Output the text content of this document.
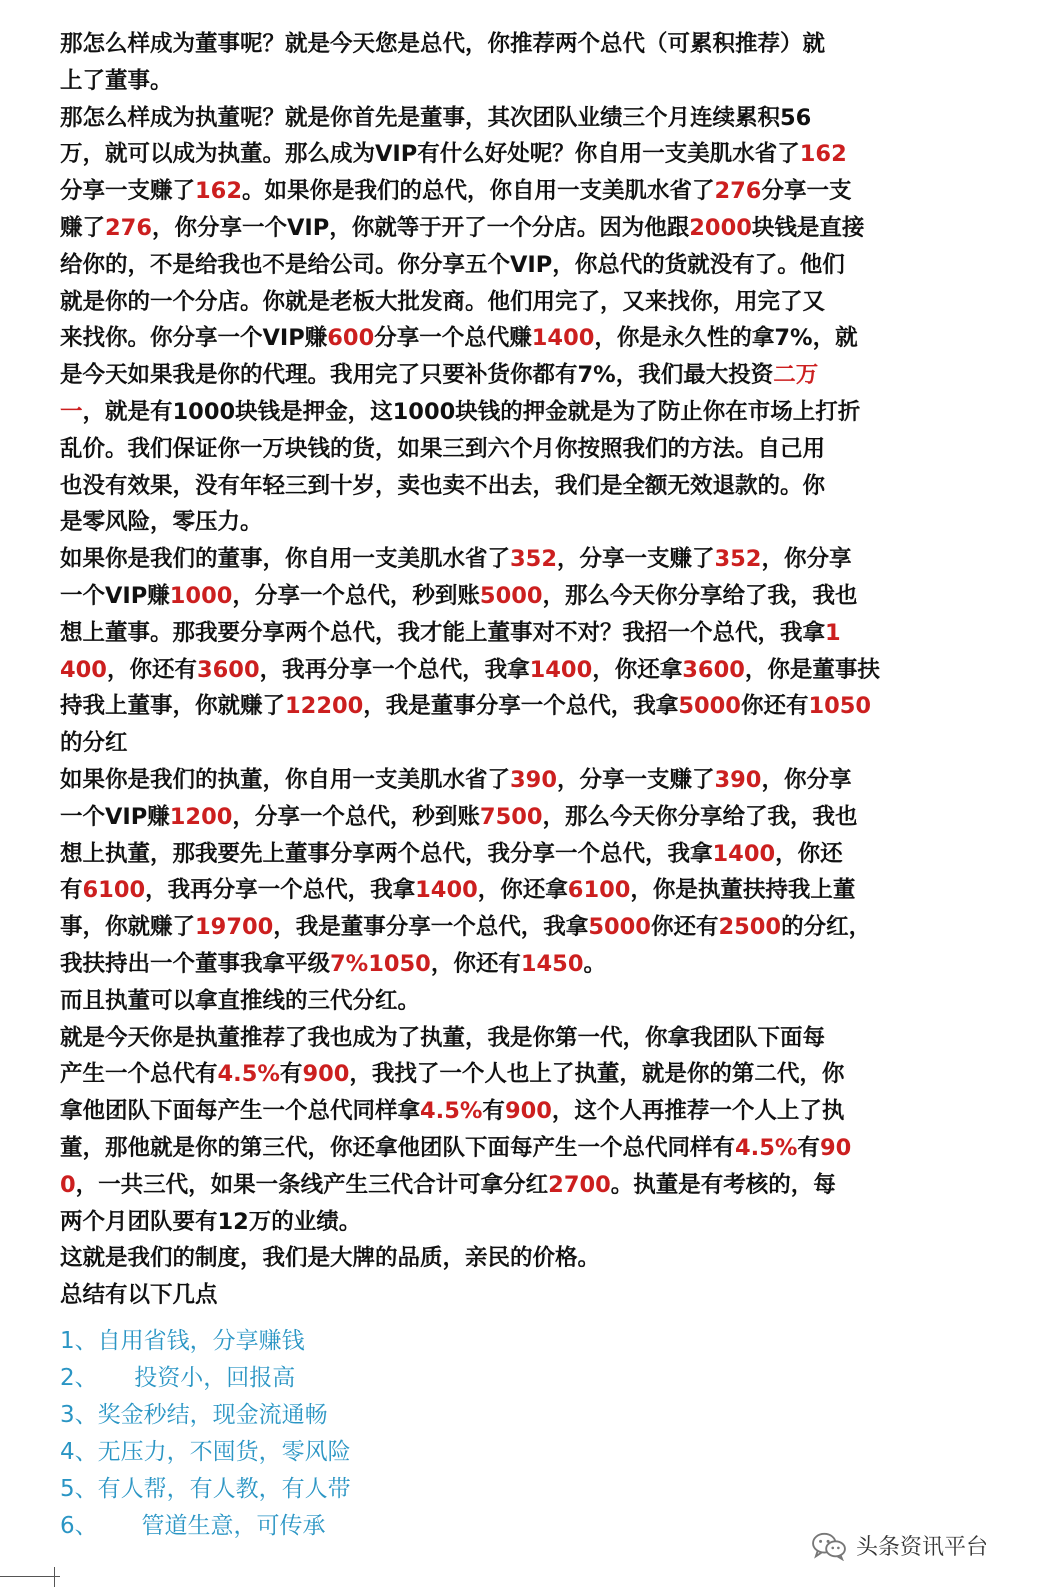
那怎么样成为董事呢？就是今天您是总代，你推荐两个总代（可累积推荐）就
上了董事。
那怎么样成为执董呢？就是你首先是董事，其次团队业绩三个月连续累积56
万，就可以成为执董。那么成为VIP有什么好处呢？你自用一支美肌水省了162
分享一支赚了162。如果你是我们的总代，你自用一支美肌水省了276分享一支
赚了276，你分享一个VIP，你就等于开了一个分店。因为他跟2000块钱是直接
给你的，不是给我也不是给公司。你分享五个VIP，你总代的货就没有了。他们
就是你的一个分店。你就是老板大批发商。他们用完了，又来找你，用完了又
来找你。你分享一个VIP赚600分享一个总代赚1400，你是永久性的拿7%，就
是今天如果我是你的代理。我用完了只要补货你都有7%，我们最大投资二万
一，就是有1000块钱是押金，这1000块钱的押金就是为了防止你在市场上打折
乱价。我们保证你一万块钱的货，如果三到六个月你按照我们的方法。自己用
也没有效果，没有年轻三到十岁，卖也卖不出去，我们是全额无效退款的。你
是零风险，零压力。
如果你是我们的董事，你自用一支美肌水省了352，分享一支赚了352，你分享
一个VIP赚1000，分享一个总代，秒到账5000，那么今天你分享给了我，我也
想上董事。那我要分享两个总代，我才能上董事对不对？我招一个总代，我拿1
400，你还有3600，我再分享一个总代，我拿1400，你还拿3600，你是董事扶
持我上董事，你就赚了12200，我是董事分享一个总代，我拿5000你还有1050
的分红
如果你是我们的执董，你自用一支美肌水省了390，分享一支赚了390，你分享
一个VIP赚1200，分享一个总代，秒到账7500，那么今天你分享给了我，我也
想上执董，那我要先上董事分享两个总代，我分享一个总代，我拿1400，你还
有6100，我再分享一个总代，我拿1400，你还拿6100，你是执董扶持我上董
事，你就赚了19700，我是董事分享一个总代，我拿5000你还有2500的分红，
我扶持出一个董事我拿平级7%1050，你还有1450。
而且执董可以拿直推线的三代分红。
就是今天你是执董推荐了我也成为了执董，我是你第一代，你拿我团队下面每
产生一个总代有4.5%有900，我找了一个人也上了执董，就是你的第二代，你
拿他团队下面每产生一个总代同样拿4.5%有900，这个人再推荐一个人上了执
董，那他就是你的第三代，你还拿他团队下面每产生一个总代同样有4.5%有90
0，一共三代，如果一条线产生三代合计可拿分红2700。执董是有考核的，每
两个月团队要有12万的业绩。
这就是我们的制度，我们是大牌的品质，亲民的价格。
总结有以下几点
1、自用省钱，分享赚钱
2、     投资小，回报高
3、奖金秒结，现金流通畅
4、无压力，不囤货，零风险
5、有人帮，有人教，有人带
6、      管道生意，可传承
头条资讯平台
